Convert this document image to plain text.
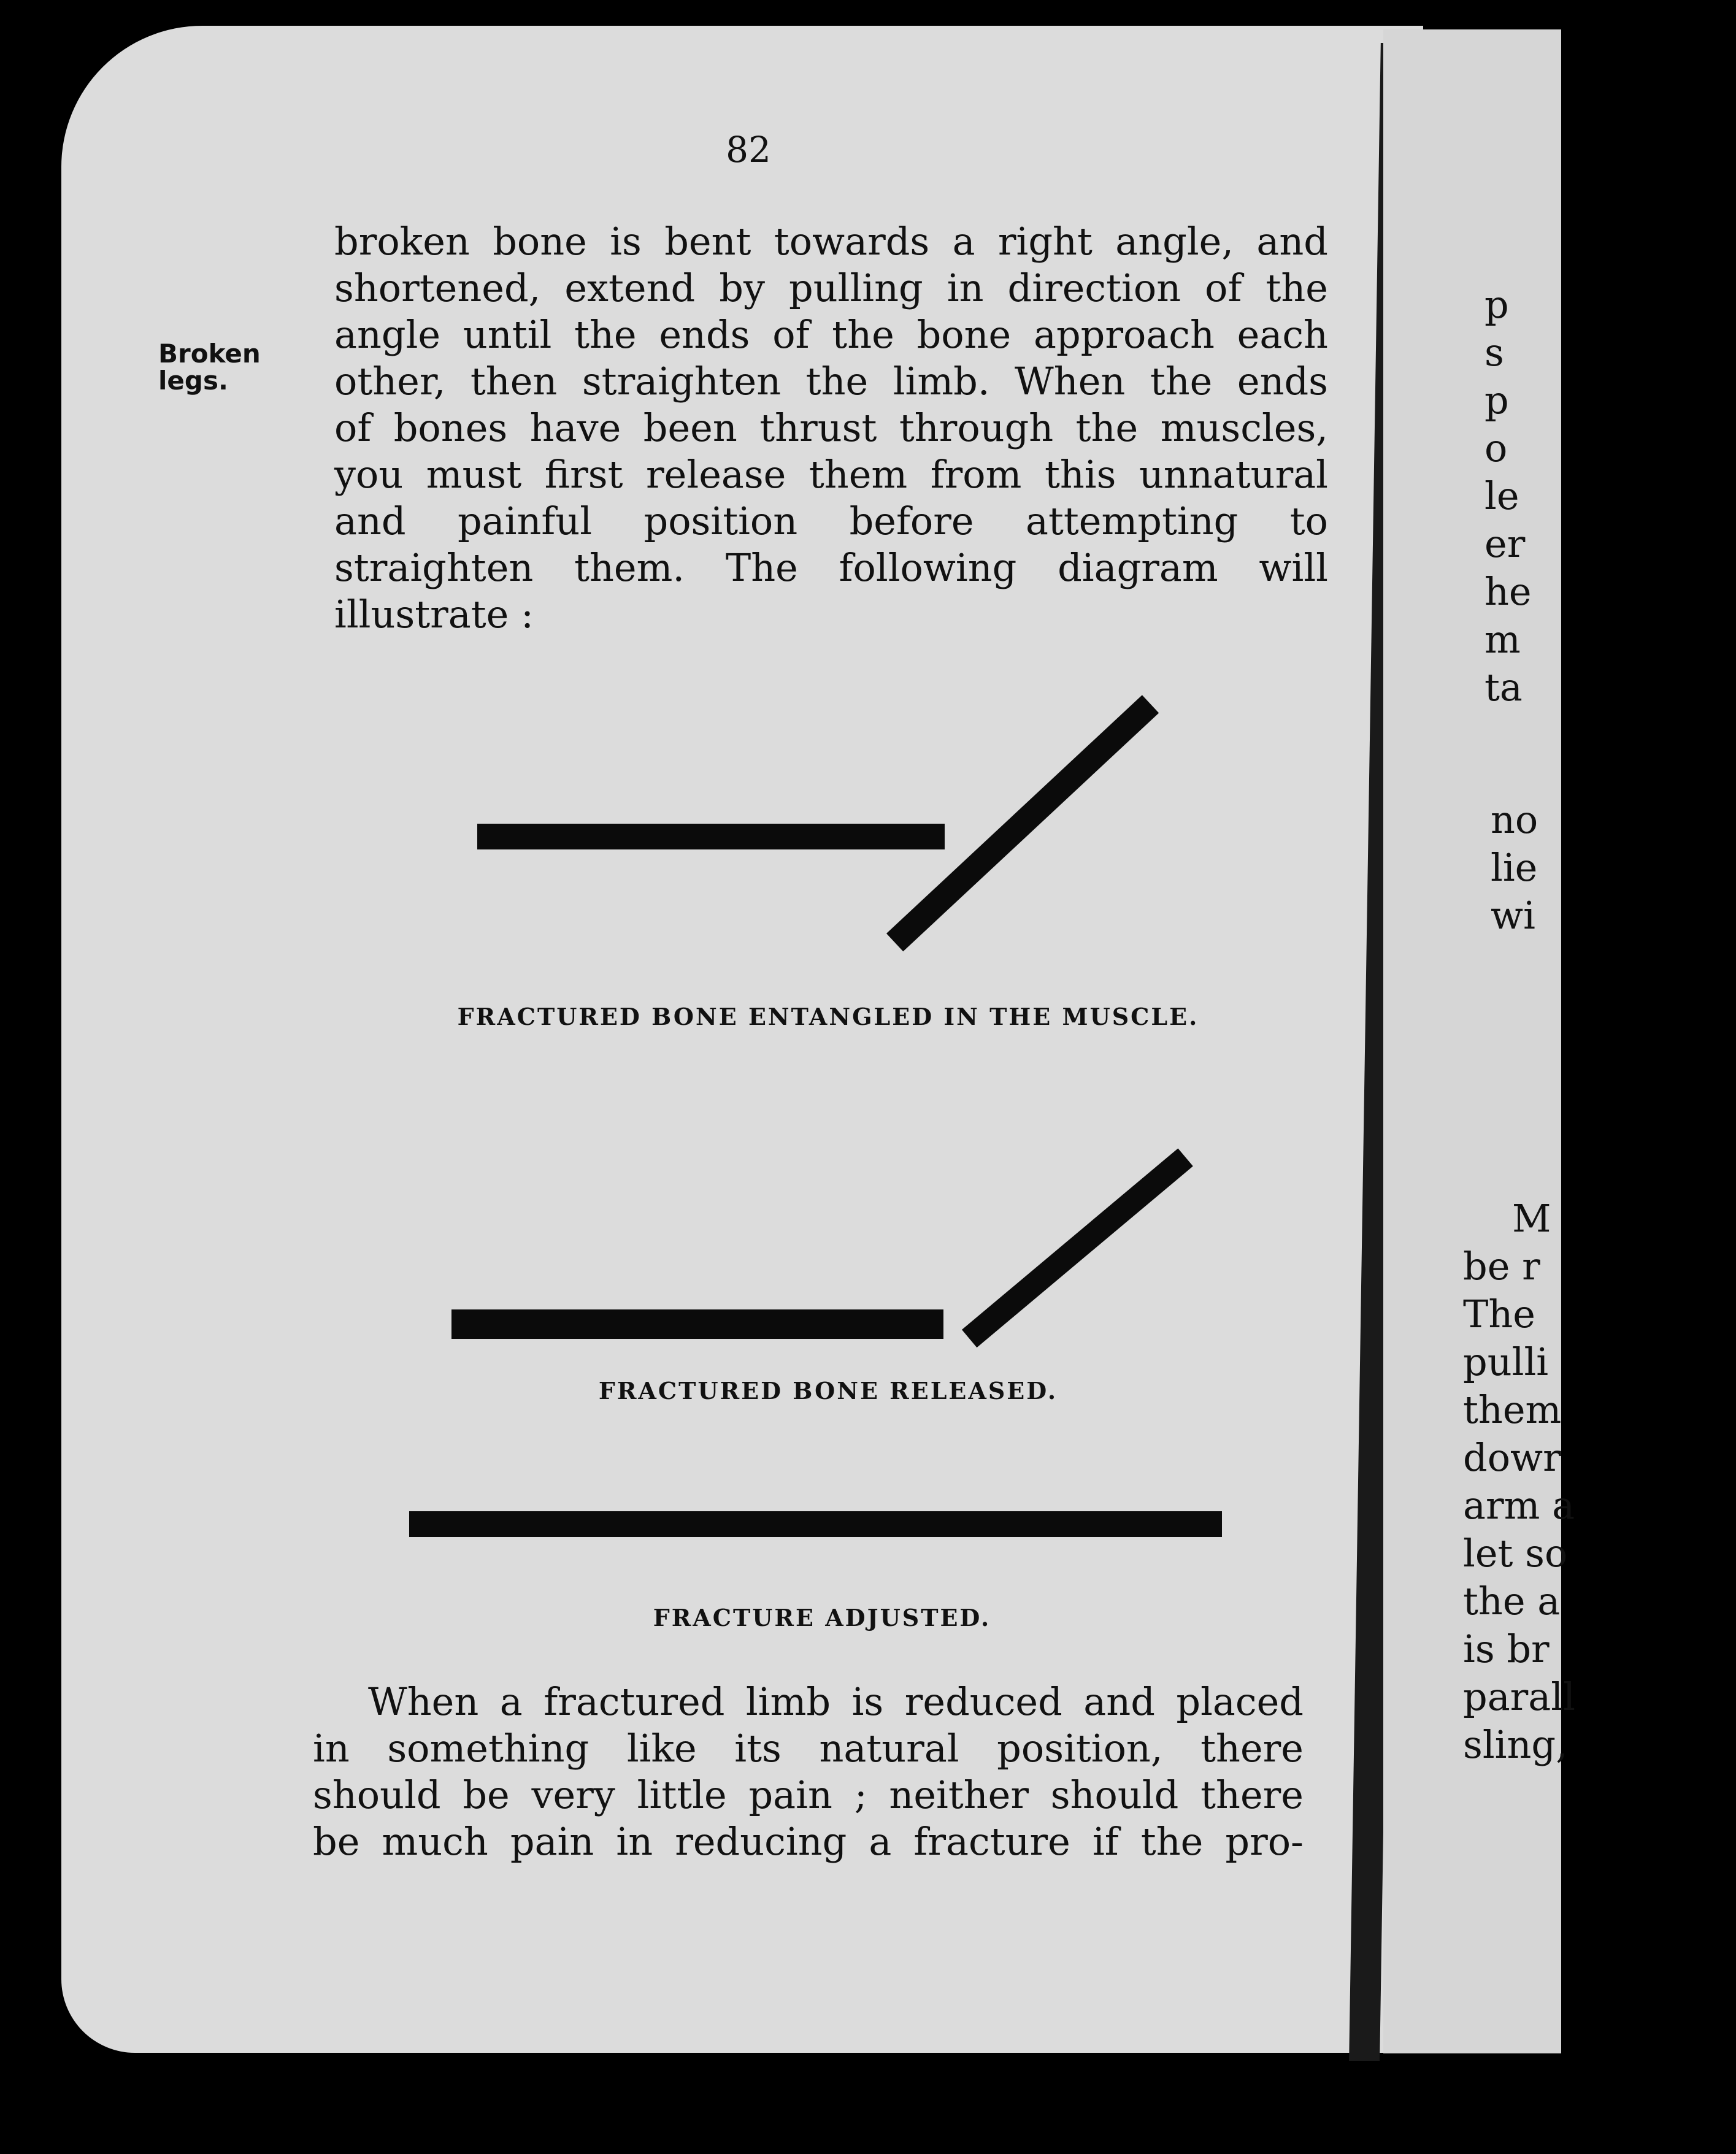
p
s
p
o
le
er
he
m
ta
no
lie
wi
M
be r
The
pulli
them
dowr
arm a
let so
the a
is br
parall
sling,
82
Broken
legs.
broken bone is bent towards a right angle, and
shortened, extend by pulling in direction of the
angle until the ends of the bone approach each
other, then straighten the limb. When the ends
of bones have been thrust through the muscles,
you must first release them from this unnatural
and painful position before attempting to
straighten them. The following diagram will
illustrate :
FRACTURED BONE ENTANGLED IN THE MUSCLE.
FRACTURED BONE RELEASED.
FRACTURE ADJUSTED.
When a fractured limb is reduced and placed
in something like its natural position, there
should be very little pain ; neither should there
be much pain in reducing a fracture if the pro-
